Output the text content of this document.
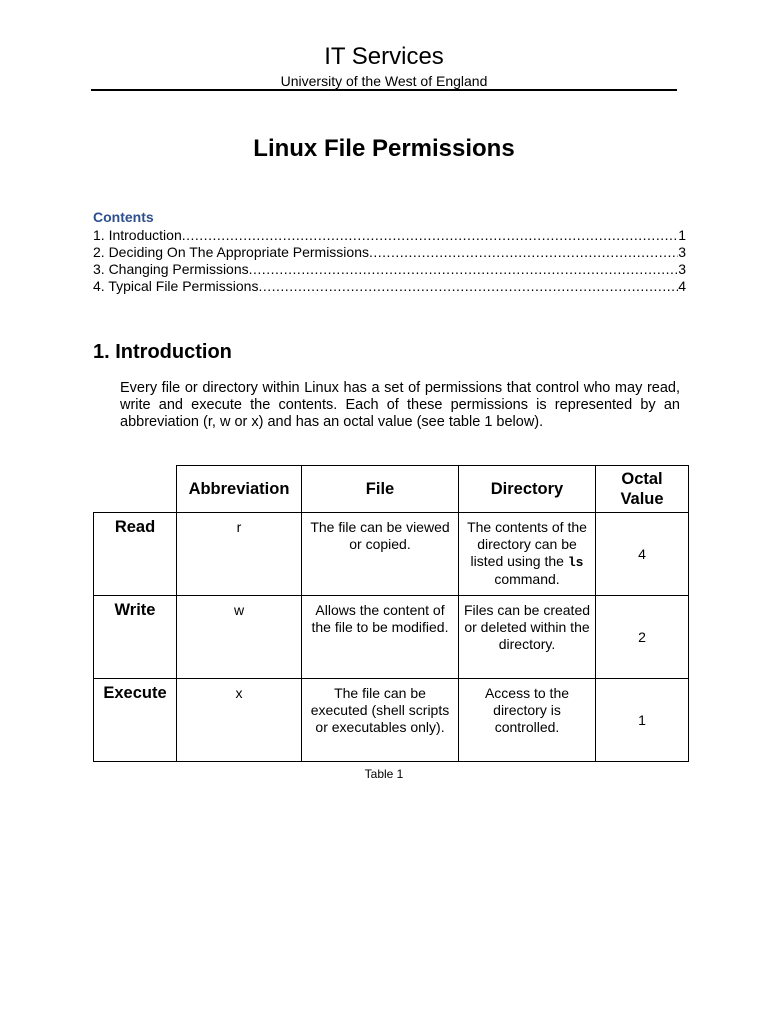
IT Services
University of the West of England
Linux File Permissions
Contents
1. Introduction .....	1
2. Deciding On The Appropriate Permissions .....	3
3. Changing Permissions .....	3
4. Typical File Permissions .....	4
1. Introduction
Every file or directory within Linux has a set of permissions that control who may read, write and execute the contents. Each of these permissions is represented by an abbreviation (r, w or x) and has an octal value (see table 1 below).
	Abbreviation	File	Directory	Octal Value
Read	r	The file can be viewed or copied.	The contents of the directory can be listed using the ls command.	4
Write	w	Allows the content of the file to be modified.	Files can be created or deleted within the directory.	2
Execute	x	The file can be executed (shell scripts or executables only).	Access to the directory is controlled.	1
Table 1
